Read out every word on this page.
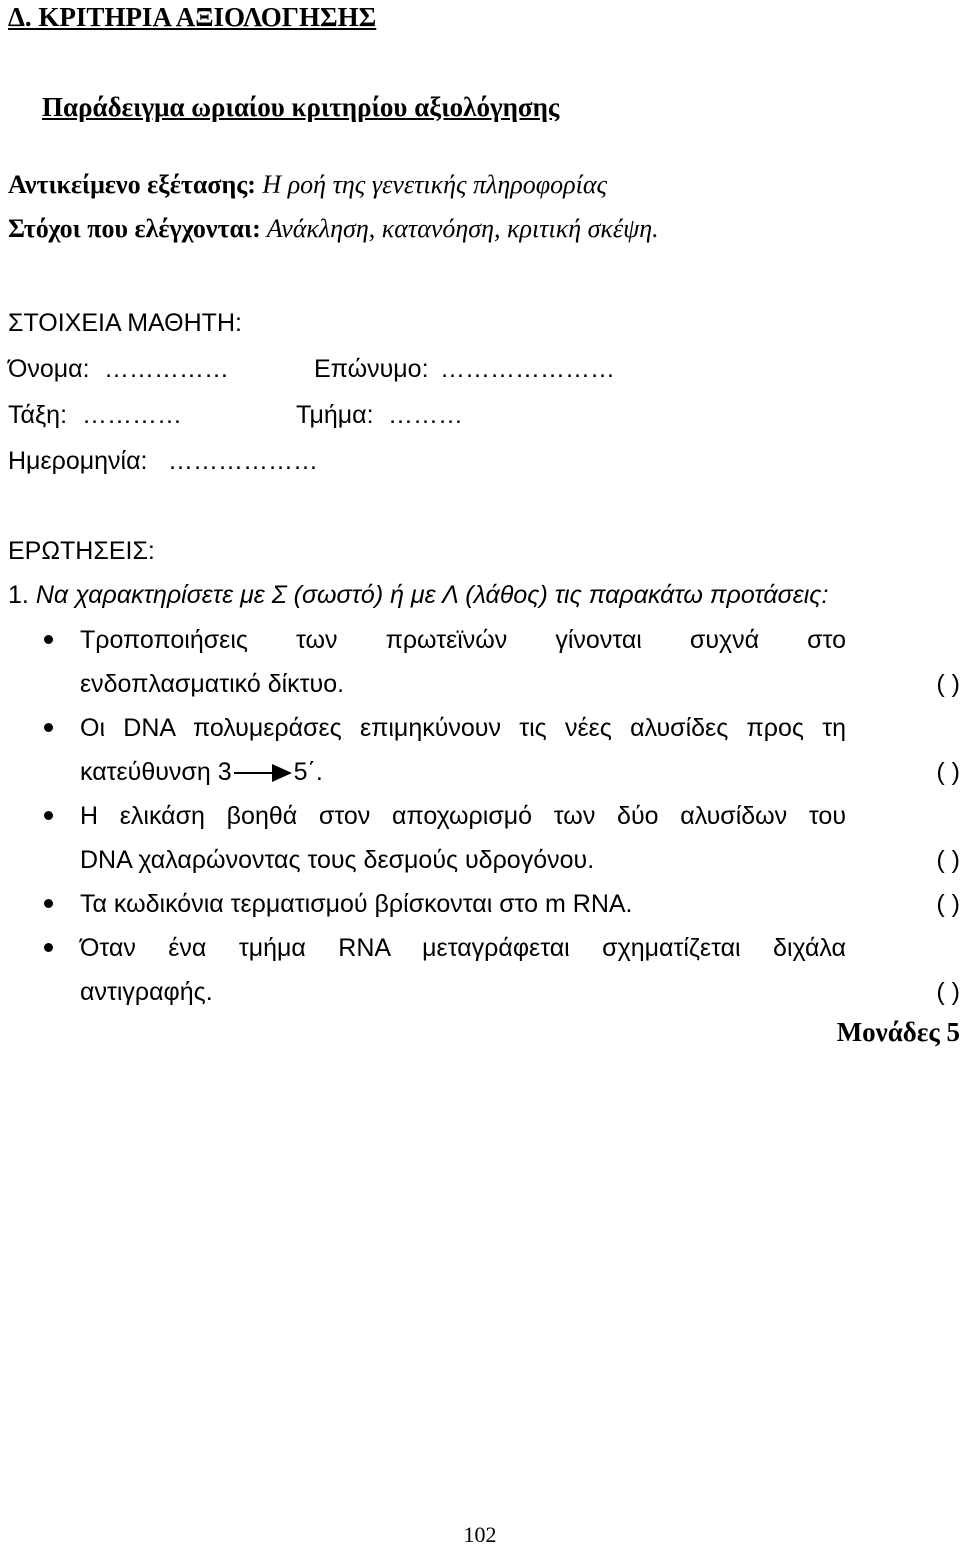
Δ. ΚΡΙΤΗΡΙΑ ΑΞΙΟΛΟΓΗΣΗΣ
Παράδειγμα ωριαίου κριτηρίου αξιολόγησης
Αντικείμενο εξέτασης: Η ροή της γενετικής πληροφορίας
Στόχοι που ελέγχονται: Ανάκληση, κατανόηση, κριτική σκέψη.
ΣΤΟΙΧΕΙΑ ΜΑΘΗΤΗ:
Όνομα: ……………	Επώνυμο: …………………
Τάξη: …………	Τμήμα: ………
Ημερομηνία: ………………
ΕΡΩΤΗΣΕΙΣ:
1. Να χαρακτηρίσετε με Σ (σωστό) ή με Λ (λάθος) τις παρακάτω προτάσεις:
Τροποποιήσεις των πρωτεϊνών γίνονται συχνά στο
ενδοπλασματικό δίκτυο.	( )
Οι DNA πολυμεράσες επιμηκύνουν τις νέες αλυσίδες προς τη
κατεύθυνση 3 5΄.	( )
Η ελικάση βοηθά στον αποχωρισμό των δύο αλυσίδων του
DNA χαλαρώνοντας τους δεσμούς υδρογόνου.	( )
Τα κωδικόνια τερματισμού βρίσκονται στο m RNA.	( )
Όταν ένα τμήμα RNA μεταγράφεται σχηματίζεται διχάλα
αντιγραφής.	( )
Μονάδες 5
102
